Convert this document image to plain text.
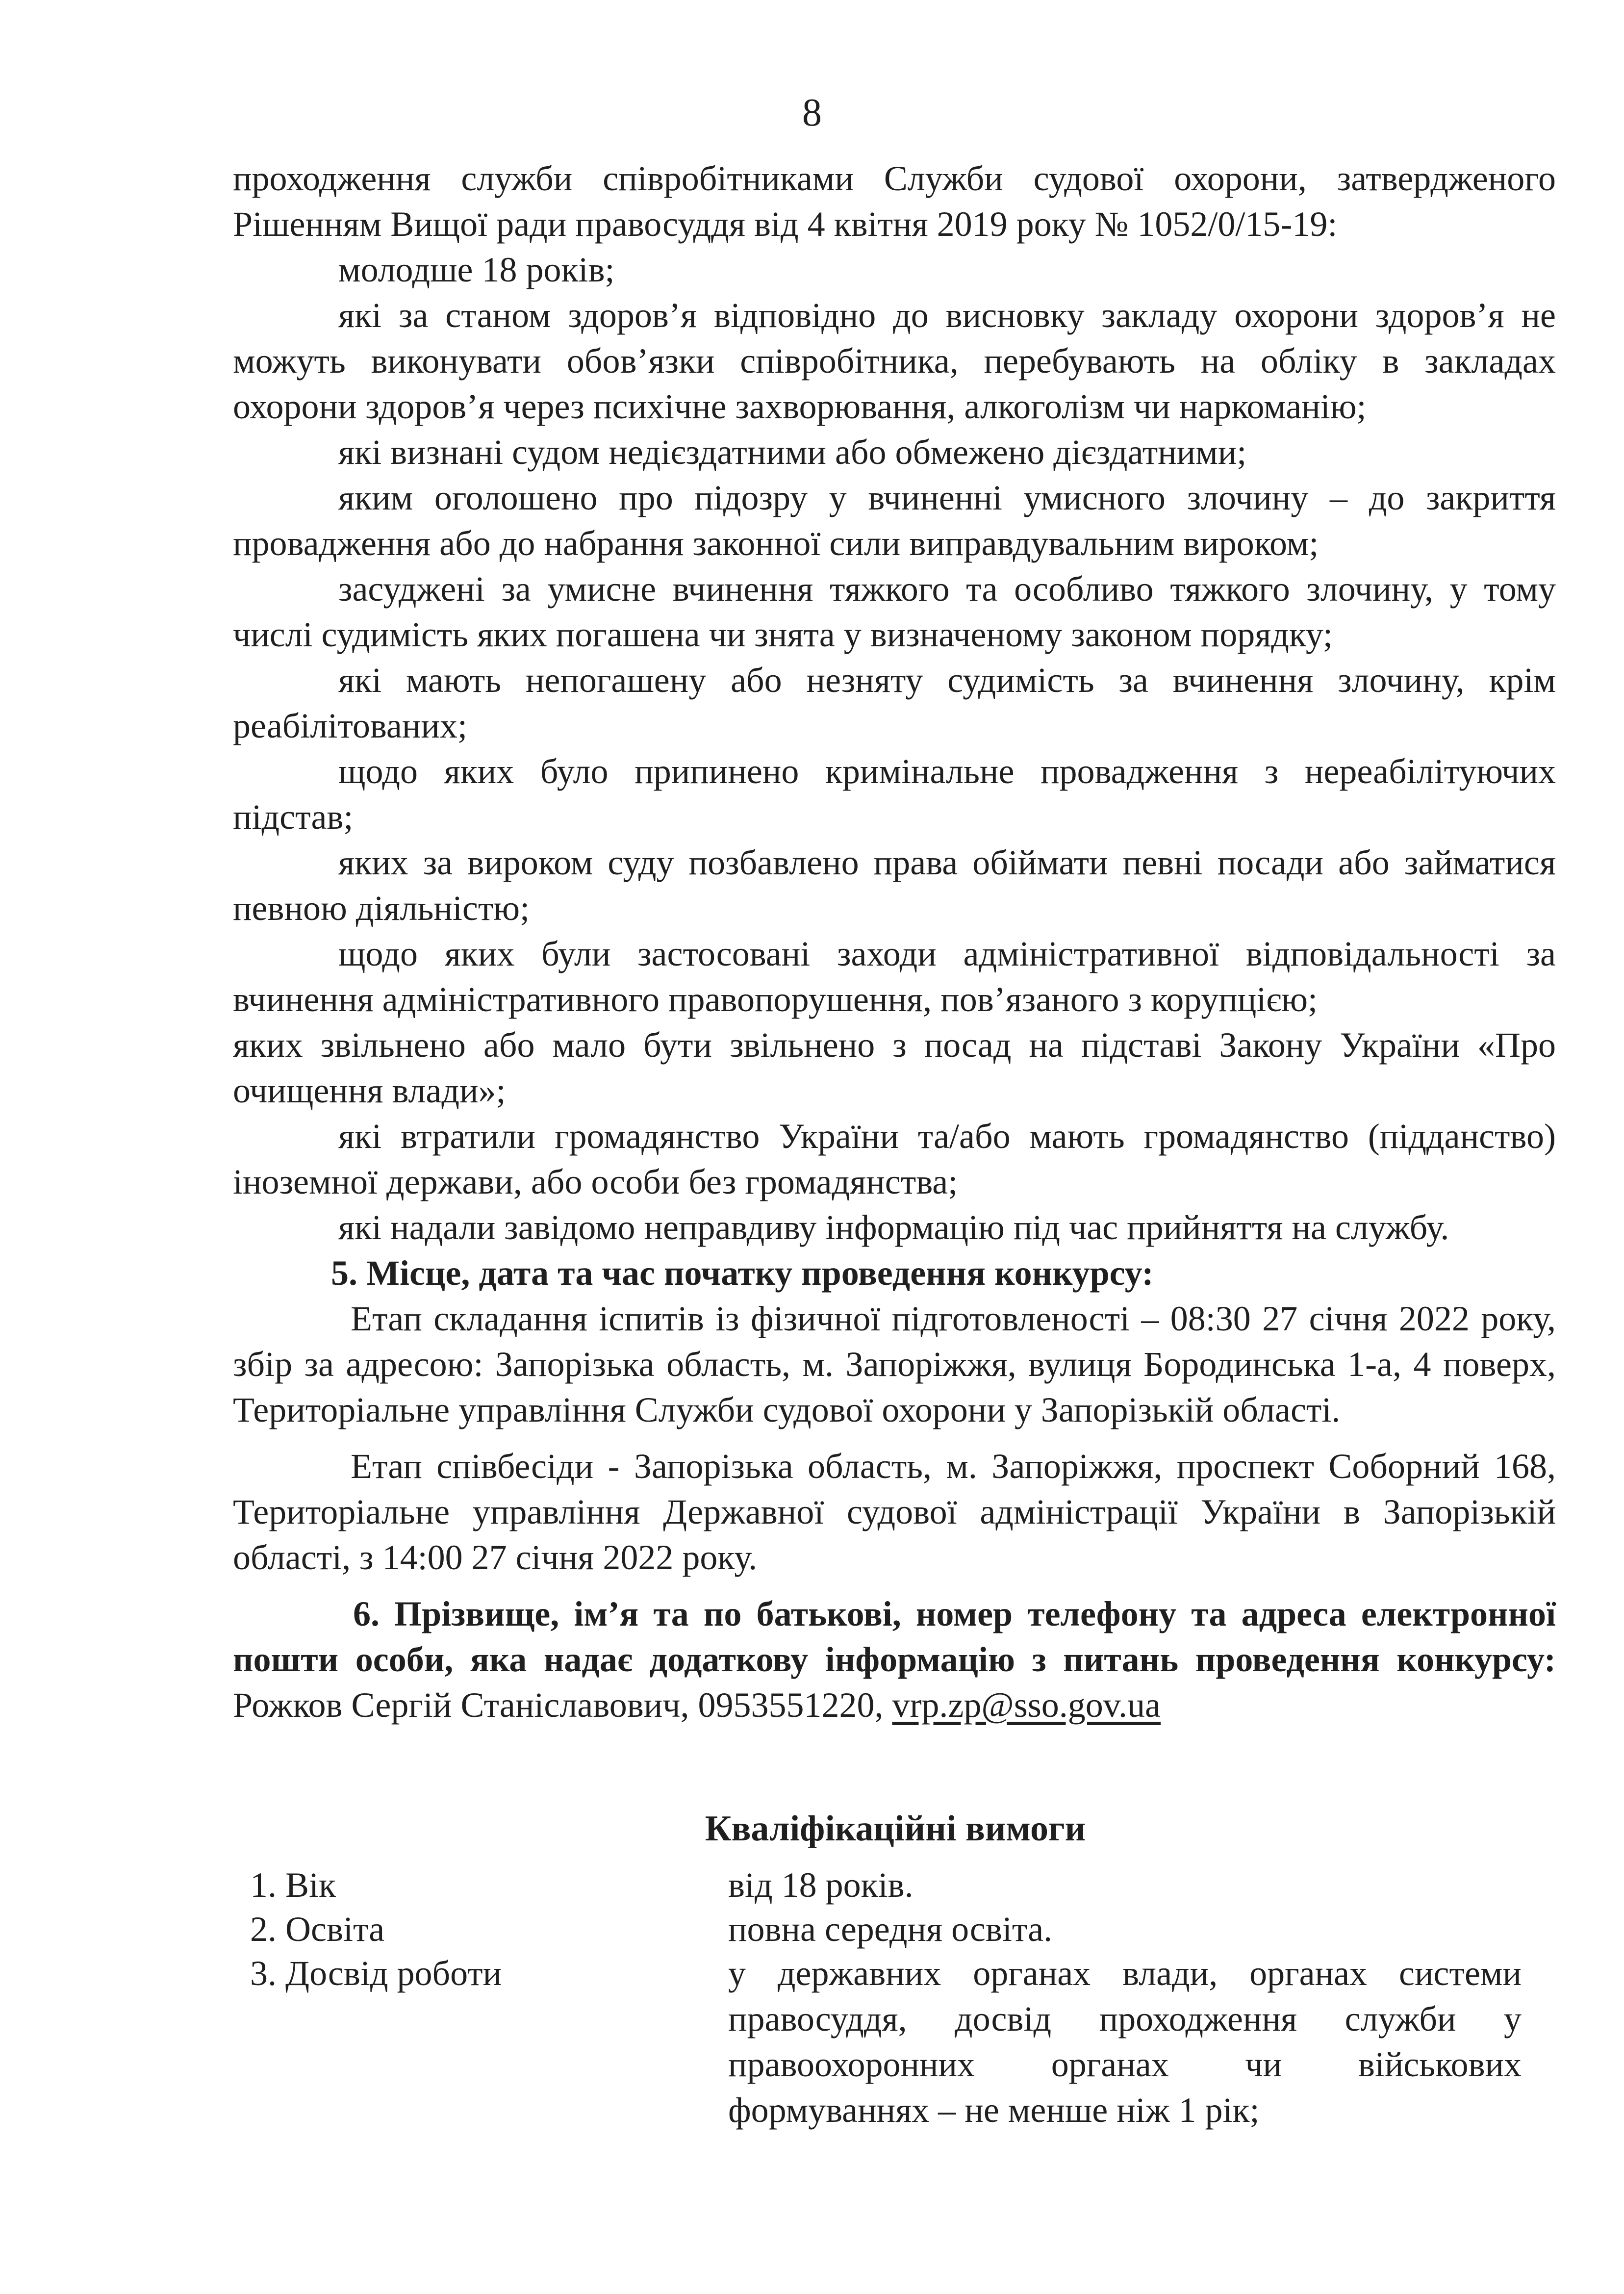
8

проходження служби співробітниками Служби судової охорони, затвердженого Рішенням Вищої ради правосуддя від 4 квітня 2019 року № 1052/0/15-19:

молодше 18 років;

які за станом здоров’я відповідно до висновку закладу охорони здоров’я не можуть виконувати обов’язки співробітника, перебувають на обліку в закладах охорони здоров’я через психічне захворювання, алкоголізм чи наркоманію;

які визнані судом недієздатними або обмежено дієздатними;

яким оголошено про підозру у вчиненні умисного злочину – до закриття провадження або до набрання законної сили виправдувальним вироком;

засуджені за умисне вчинення тяжкого та особливо тяжкого злочину, у тому числі судимість яких погашена чи знята у визначеному законом порядку;

які мають непогашену або незняту судимість за вчинення злочину, крім реабілітованих;

щодо яких було припинено кримінальне провадження з нереабілітуючих підстав;

яких за вироком суду позбавлено права обіймати певні посади або займатися певною діяльністю;

щодо яких були застосовані заходи адміністративної відповідальності за вчинення адміністративного правопорушення, пов’язаного з корупцією;

яких звільнено або мало бути звільнено з посад на підставі Закону України «Про очищення влади»;

які втратили громадянство України та/або мають громадянство (підданство) іноземної держави, або особи без громадянства;

які надали завідомо неправдиву інформацію під час прийняття на службу.

5. Місце, дата та час початку проведення конкурсу:

Етап складання іспитів із фізичної підготовленості – 08:30 27 січня 2022 року, збір за адресою: Запорізька область, м. Запоріжжя, вулиця Бородинська 1-а, 4 поверх, Територіальне управління Служби судової охорони у Запорізькій області.

Етап співбесіди - Запорізька область, м. Запоріжжя, проспект Соборний 168, Територіальне управління Державної судової адміністрації України в Запорізькій області, з 14:00 27 січня 2022 року.

6. Прізвище, ім’я та по батькові, номер телефону та адреса електронної пошти особи, яка надає додаткову інформацію з питань проведення конкурсу: Рожков Сергій Станіславович, 0953551220, vrp.zp@sso.gov.ua

Кваліфікаційні вимоги
1. Вік	від 18 років.
2. Освіта	повна середня освіта.
3. Досвід роботи	у державних органах влади, органах системи правосуддя, досвід проходження служби у правоохоронних органах чи військових формуваннях – не менше ніж 1 рік;
